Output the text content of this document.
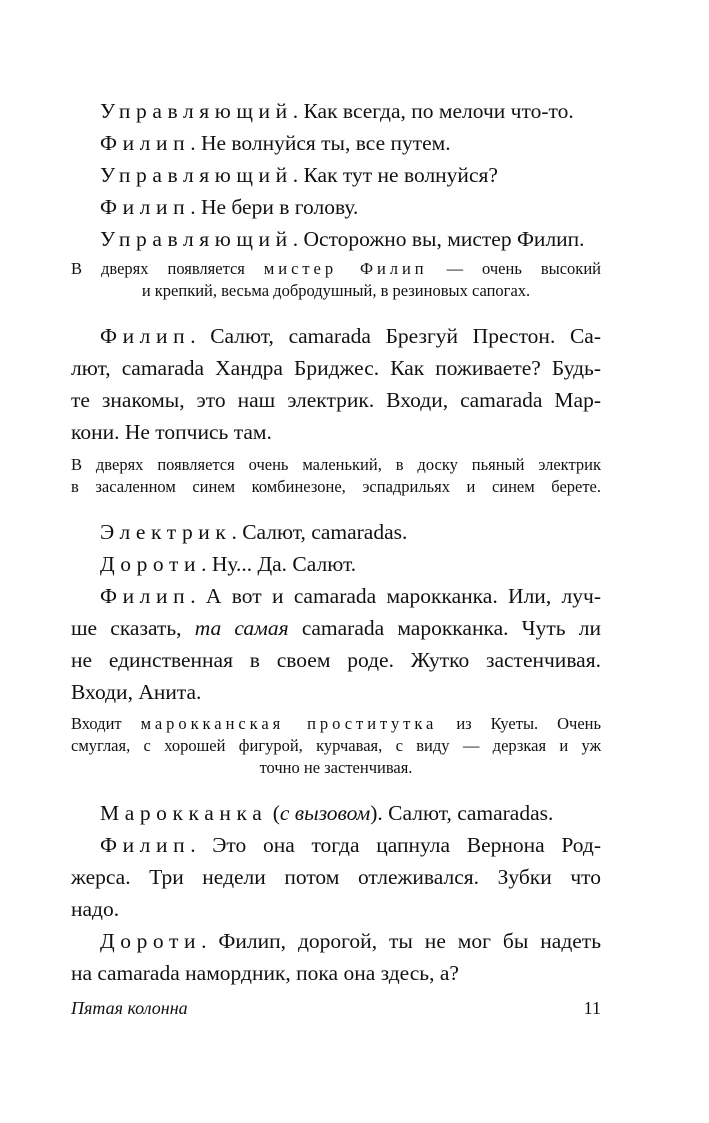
Управляющий. Как всегда, по мелочи что-то.
Филип. Не волнуйся ты, все путем.
Управляющий. Как тут не волнуйся?
Филип. Не бери в голову.
Управляющий. Осторожно вы, мистер Филип.
В дверях появляется мистер Филип — очень высокий
и крепкий, весьма добродушный, в резиновых сапогах.
Филип. Салют, camarada Брезгуй Престон. Са-
лют, camarada Хандра Бриджес. Как поживаете? Будь-
те знакомы, это наш электрик. Входи, camarada Мар-
кони. Не топчись там.
В дверях появляется очень маленький, в доску пьяный электрик
в засаленном синем комбинезоне, эспадрильях и синем берете.
Электрик. Салют, camaradas.
Дороти. Ну... Да. Салют.
Филип. А вот и camarada марокканка. Или, луч-
ше сказать, та самая camarada марокканка. Чуть ли
не единственная в своем роде. Жутко застенчивая.
Входи, Анита.
Входит марокканская проститутка из Куеты. Очень
смуглая, с хорошей фигурой, курчавая, с виду — дерзкая и уж
точно не застенчивая.
Марокканка (с вызовом). Салют, camaradas.
Филип. Это она тогда цапнула Вернона Род-
жерса. Три недели потом отлеживался. Зубки что
надо.
Дороти. Филип, дорогой, ты не мог бы надеть
на camarada намордник, пока она здесь, а?
Пятая колонна	11
